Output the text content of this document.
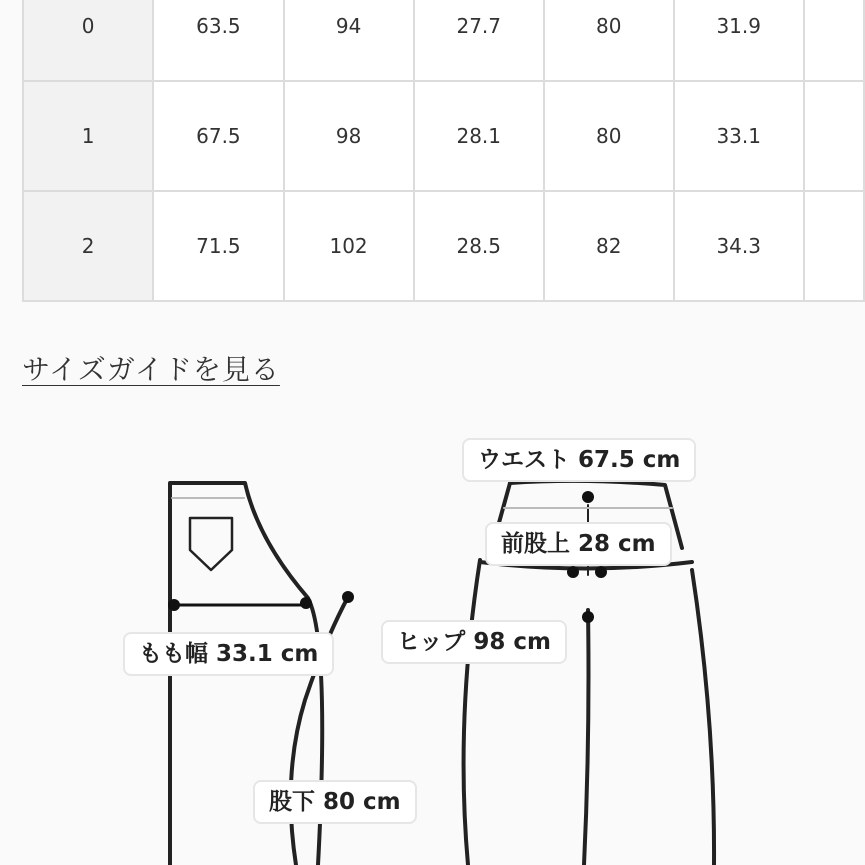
0	63.5	94	27.7	80	31.9	
1	67.5	98	28.1	80	33.1	
2	71.5	102	28.5	82	34.3	
サイズガイドを見る
ウエスト 67.5 cm
前股上 28 cm
ヒップ 98 cm
もも幅 33.1 cm
股下 80 cm
